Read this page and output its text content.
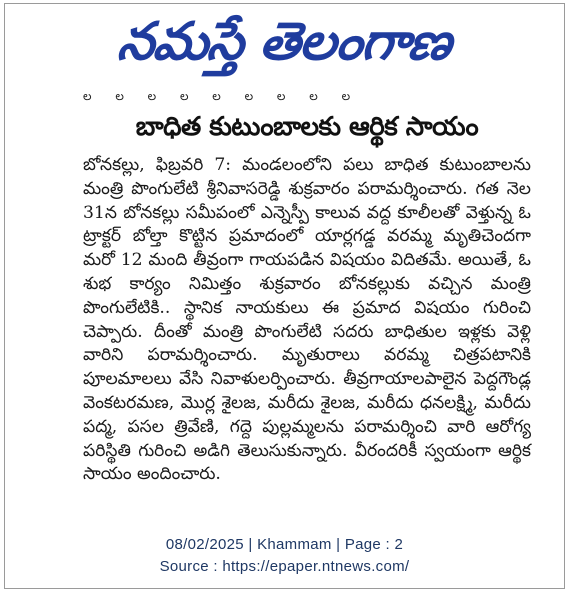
నమస్తే తెలంగాణ
ల ల ల ల ల ల ల ల ల
బాధిత కుటుంబాలకు ఆర్థిక సాయం

బోనకల్లు, ఫిబ్రవరి 7: మండలంలోని పలు బాధిత కుటుంబాలను మంత్రి పొంగులేటి శ్రీనివాసరెడ్డి శుక్రవారం పరామర్శించారు. గత నెల 31న బోనకల్లు సమీపంలో ఎన్నెస్పీ కాలువ వద్ద కూలీలతో వెళ్తున్న ఓ ట్రాక్టర్ బోల్తా కొట్టిన ప్రమాదంలో యార్లగడ్డ వరమ్మ మృతిచెందగా మరో 12 మంది తీవ్రంగా గాయపడిన విషయం విదితమే. అయితే, ఓ శుభ కార్యం నిమిత్తం శుక్రవారం బోనకల్లుకు వచ్చిన మంత్రి పొంగులేటికి.. స్థానిక నాయకులు ఈ ప్రమాద విషయం గురించి చెప్పారు. దీంతో మంత్రి పొంగులేటి సదరు బాధితుల ఇళ్లకు వెళ్లి వారిని పరామర్శించారు. మృతురాలు వరమ్మ చిత్రపటానికి పూలమాలలు వేసి నివాళులర్పించారు. తీవ్రగాయాలపాలైన పెద్దగౌండ్ల వెంకటరమణ, మొర్ల శైలజ, మరీదు శైలజ, మరీదు ధనలక్ష్మి, మరీదు పద్మ, పసల త్రివేణి, గద్దె పుల్లమ్మలను పరామర్శించి వారి ఆరోగ్య పరిస్థితి గురించి అడిగి తెలుసుకున్నారు. వీరందరికీ స్వయంగా ఆర్థిక సాయం అందించారు.

08/02/2025 | Khammam | Page : 2
Source : https://epaper.ntnews.com/
